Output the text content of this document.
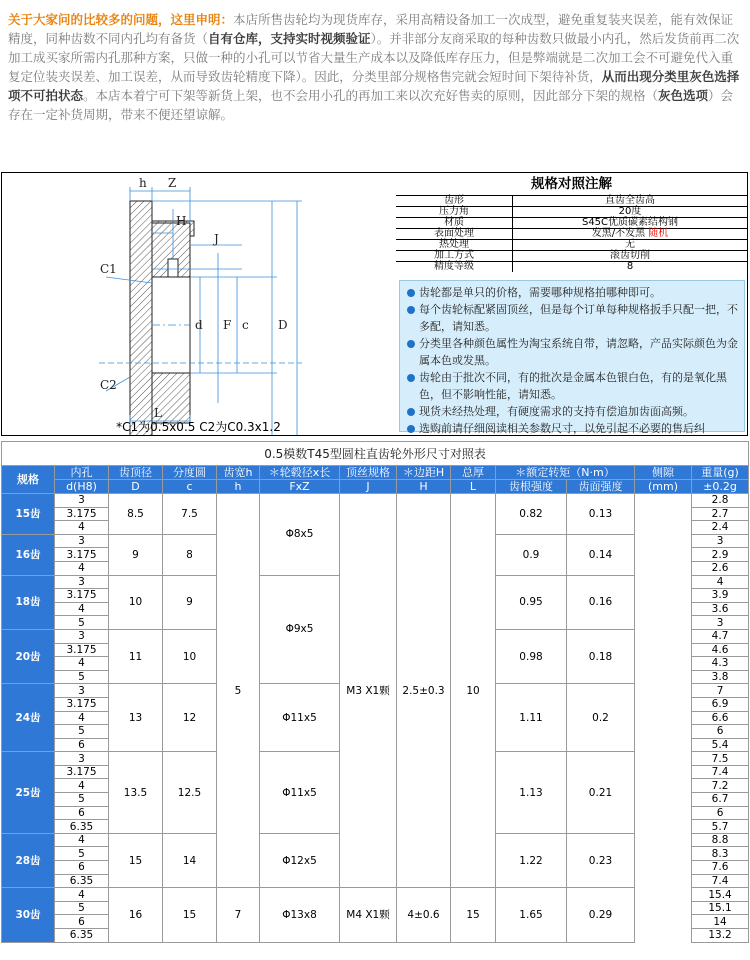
关于大家问的比较多的问题，这里申明：本店所售齿轮均为现货库存，采用高精设备加工一次成型，避免重复装夹误差，能有效保证精度，同种齿数不同内孔均有备货（自有仓库，支持实时视频验证）。并非部分友商采取的每种齿数只做最小内孔，然后发货前再二次加工成买家所需内孔那种方案，只做一种的小孔可以节省大量生产成本以及降低库存压力，但是弊端就是二次加工会不可避免代入重复定位装夹误差、加工误差，从而导致齿轮精度下降）。因此，分类里部分规格售完就会短时间下架待补货，从而出现分类里灰色选择项不可拍状态。本店本着宁可下架等新货上架，也不会用小孔的再加工来以次充好售卖的原则，因此部分下架的规格（灰色选项）会存在一定补货周期，带来不便还望谅解。
h Z
H
J
C1
C2
d F c D
L
*C1为0.5x0.5 C2为C0.3x1.2
规格对照注解
齿形	直齿全齿高
压力角	20度
材质	S45C优质碳素结构钢
表面处理	发黑/不发黑 随机
热处理	无
加工方式	滚齿切削
精度等级	8
齿轮都是单只的价格，需要哪种规格拍哪种即可。
每个齿轮标配紧固顶丝，但是每个订单每种规格扳手只配一把，不多配，请知悉。
分类里各种颜色属性为淘宝系统自带，请忽略，产品实际颜色为金属本色或发黑。
齿轮由于批次不同，有的批次是金属本色银白色，有的是氧化黑色，但不影响性能，请知悉。
现货未经热处理，有硬度需求的支持有偿追加齿面高频。
选购前请仔细阅读相关参数尺寸，以免引起不必要的售后纠
0.5模数T45型圆柱直齿轮外形尺寸对照表												
规格	内孔	齿顶径	分度圆	齿宽h	＊轮毂径x长	顶丝规格	＊边距H	总厚	＊额定转矩（N·m）		侧隙	重量(g)
	d(H8)	D	c	h	FxZ	J	H	L	齿根强度	齿面强度	(mm)	±0.2g
15齿	3	8.5	7.5	5	Φ8x5	M3 X1颗	2.5±0.3	10	0.82	0.13		2.8
	3.175											2.7
	4											2.4
16齿	3	9	8						0.9	0.14		3
	3.175											2.9
	4											2.6
18齿	3	10	9		Φ9x5				0.95	0.16		4
	3.175											3.9
	4											3.6
	5											3
20齿	3	11	10						0.98	0.18		4.7
	3.175											4.6
	4											4.3
	5											3.8
24齿	3	13	12		Φ11x5				1.11	0.2		7
	3.175											6.9
	4											6.6
	5											6
	6											5.4
25齿	3	13.5	12.5		Φ11x5				1.13	0.21		7.5
	3.175											7.4
	4											7.2
	5											6.7
	6											6
	6.35											5.7
28齿	4	15	14		Φ12x5				1.22	0.23		8.8
	5											8.3
	6											7.6
	6.35											7.4
30齿	4	16	15	7	Φ13x8	M4 X1颗	4±0.6	15	1.65	0.29		15.4
	5											15.1
	6											14
	6.35											13.2
